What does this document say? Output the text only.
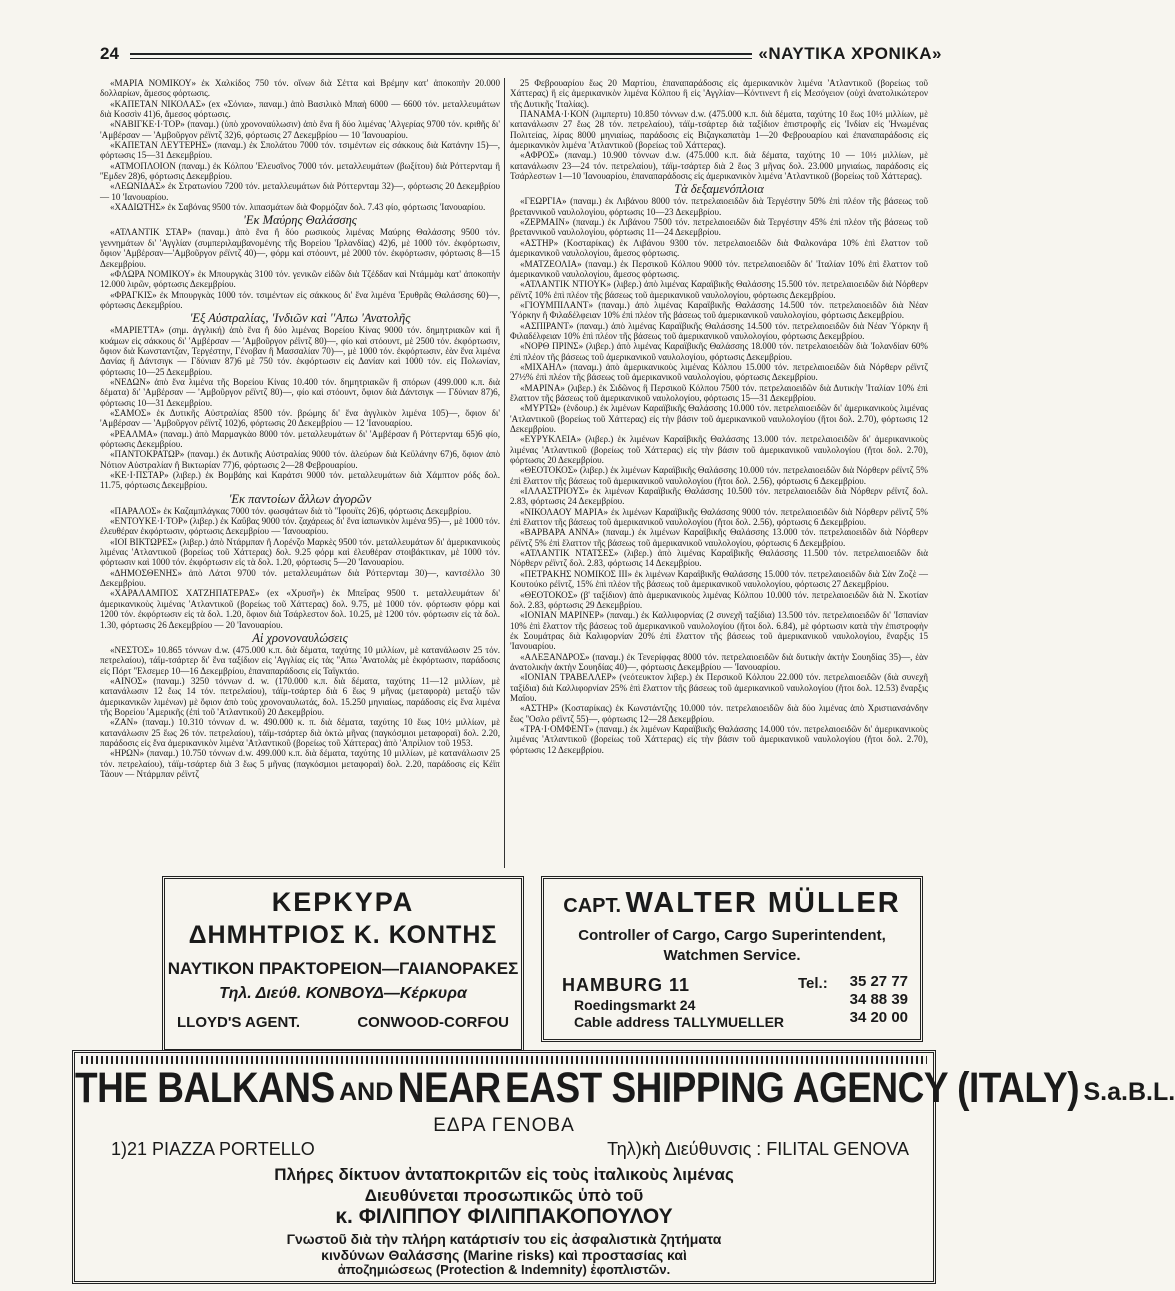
24	«ΝΑΥΤΙΚΑ ΧΡΟΝΙΚΑ»

«ΜΑΡΙΑ ΝΟΜΙΚΟΥ» ἐκ Χαλκίδος 750 τόν. οἴνων διὰ Σέττα καὶ Βρέμην κατ' ἀποκοπὴν 20.000 δολλαρίων, ἄμεσος φόρτωσις.

«ΚΑΠΕΤΑΝ ΝΙΚΟΛΑΣ» (ex «Σόνια», παναμ.) ἀπὸ Βασιλικὸ Μπαὴ 6000 — 6600 τόν. μεταλλευμάτων διὰ Κοσσὶν 41)6, ἄμεσος φόρτωσις.

«ΝΑΒΙΓΚΕ·Ι·ΤΟΡ» (παναμ.) (ὑπὸ χρονοναύλωσιν) ἀπὸ ἕνα ἢ δύο λιμένας 'Αλγερίας 9700 τόν. κριθῆς δι' 'Αμβέρσαν — 'Αμβοῦργον ρέϊντζ 32)6, φόρτωσις 27 Δεκεμβρίου — 10 'Ιανουαρίου.

«ΚΑΠΕΤΑΝ ΛΕΥΤΕΡΗΣ» (παναμ.) ἐκ Σπολάτου 7000 τόν. τσιμέντων εἰς σάκκους διὰ Κατάνην 15)—, φόρτωσις 15—31 Δεκεμβρίου.

«ΑΤΜΟΠΛΟΙΟΝ (παναμ.) ἐκ Κόλπου 'Ελευσῖνος 7000 τόν. μεταλλευμάτων (βωξίτου) διὰ Ρόττερνταμ ἢ ''Εμδεν 28)6, φόρτωσις Δεκεμβρίου.

«ΛΕΩΝΙΔΑΣ» ἐκ Στρατωνίου 7200 τόν. μεταλλευμάτων διὰ Ρόττερνταμ 32)—, φόρτωσις 20 Δεκεμβρίου — 10 'Ιανουαρίου.

«ΧΑΔΙΩΤΗΣ» ἐκ Σαβόνας 9500 τόν. λιπασμάτων διὰ Φορμόζαν δολ. 7.43 φίο, φόρτωσις 'Ιανουαρίου.

'Εκ Μαύρης Θαλάσσης

«ΑΤΛΑΝΤΙΚ ΣΤΑΡ» (παναμ.) ἀπὸ ἕνα ἢ δύο ρωσικοὺς λιμένας Μαύρης Θαλάσσης 9500 τόν. γεννημάτων δι' 'Αγγλίαν (συμπεριλαμβανομένης τῆς Βορείου 'Ιρλανδίας) 42)6, μὲ 1000 τόν. ἐκφόρτωσιν, ὄφιον 'Αμβέρσαν—'Αμβοῦργον ρέϊντζ 40)—, φόρμ καὶ στόουντ, μὲ 2000 τόν. ἐκφόρτωσιν, φόρτωσις 8—15 Δεκεμβρίου.

«ΦΛΩΡΑ ΝΟΜΙΚΟΥ» ἐκ Μπουργκὰς 3100 τόν. γενικῶν εἰδῶν διὰ Τζέδδαν καὶ Ντάμμὰμ κατ' ἀποκοπὴν 12.000 λιρῶν, φόρτωσις Δεκεμβρίου.

«ΦΡΑΓΚΙΣ» ἐκ Μπουργκὰς 1000 τόν. τσιμέντων εἰς σάκκους δι' ἕνα λιμένα 'Ερυθρᾶς Θαλάσσης 60)—, φόρτωσις Δεκεμβρίου.

'Εξ Αὐστραλίας, 'Ινδιῶν καὶ ''Απω 'Ανατολῆς

«ΜΑΡΙΕΤΤΑ» (σημ. ἀγγλική) ἀπὸ ἕνα ἢ δύο λιμένας Βορείου Κίνας 9000 τόν. δημητριακῶν καὶ ἢ κυάμων εἰς σάκκους δι' 'Αμβέρσαν — 'Αμβοῦργον ρέϊντζ 80)—, φίο καὶ στόουντ, μὲ 2500 τόν. ἐκφόρτωσιν, ὄφιον διὰ Κωνσταντζαν, Τεργέστην, Γένοβαν ἢ Μασσαλίαν 70)—, μὲ 1000 τόν. ἐκφόρτωσιν, ἐὰν ἕνα λιμένα Δανίας ἢ Δάντσιγκ — Γδύνιαν 87)6 μὲ 750 τόν. ἐκφόρτωσιν εἰς Δανίαν καὶ 1000 τόν. εἰς Πολωνίαν, φόρτωσις 10—25 Δεκεμβρίου.

«ΝΕΔΩΝ» ἀπὸ ἕνα λιμένα τῆς Βορείου Κίνας 10.400 τόν. δημητριακῶν ἢ σπόρων (499.000 κ.π. διὰ δέματα) δι' 'Αμβέρσαν — 'Αμβοῦργον ρέϊντζ 80)—, φίο καὶ στόουντ, ὄφιον διὰ Δάντσιγκ — Γδύνιαν 87)6, φόρτωσις 10—31 Δεκεμβρίου.

«ΣΑΜΟΣ» ἐκ Δυτικῆς Αὐστραλίας 8500 τόν. βρώμης δι' ἕνα ἀγγλικὸν λιμένα 105)—, ὄφιον δι' 'Αμβέρσαν — 'Αμβοῦργον ρέϊντζ 102)6, φόρτωσις 20 Δεκεμβρίου — 12 'Ιανουαρίου.

«ΡΕΑΛΜΑ» (παναμ.) ἀπὸ Μαρμαγκὰο 8000 τόν. μεταλλευμάτων δι' 'Αμβέρσαν ἢ Ρόττερνταμ 65)6 φίο, φόρτωσις Δεκεμβρίου.

«ΠΑΝΤΟΚΡΑΤΩΡ» (παναμ.) ἐκ Δυτικῆς Αὐστραλίας 9000 τόν. ἀλεύρων διὰ Κεϋλάνην 67)6, ὄφιον ἀπὸ Νότιον Αὐστραλίαν ἢ Βικτωρίαν 77)6, φόρτωσις 2—28 Φεβρουαρίου.

«ΚΕ·Ι·ΠΣΤΑΡ» (λιβερ.) ἐκ Βομβάης καὶ Καράτσι 9000 τόν. μεταλλευμάτων διὰ Χάμπτον ρόδς δολ. 11.75, φόρτωσις Δεκεμβρίου.

'Εκ παντοίων ἄλλων ἀγορῶν

«ΠΑΡΑΛΟΣ» ἐκ Καζαμπλάγκας 7000 τόν. φωσφάτων διὰ τὸ ''Ιφουϊτς 26)6, φόρτωσις Δεκεμβρίου.

«ΕΝΤΟΥΚΕ·Ι·ΤΟΡ» (λιβερ.) ἐκ Καΰβας 9000 τόν. ζαχάρεως δι' ἕνα ἰαπωνικὸν λιμένα 95)—, μὲ 1000 τόν. ἐλευθέραν ἐκφόρτωσιν, φόρτωσις Δεκεμβρίου — 'Ιανουαρίου.

«ΙΟΙ ΒΙΚΤΩΡΕΣ» (λιβερ.) ἀπὸ Ντάρμπαν ἢ Λορένζο Μαρκὲς 9500 τόν. μεταλλευμάτων δι' ἀμερικανικοὺς λιμένας 'Ατλαντικοῦ (βορείως τοῦ Χάττερας) δολ. 9.25 φόρμ καὶ ἐλευθέραν στοιβάκτικαν, μὲ 1000 τόν. φόρτωσιν καὶ 1000 τόν. ἐκφόρτωσιν εἰς τὰ δολ. 1.20, φόρτωσις 5—20 'Ιανουαρίου.

«ΔΗΜΟΣΘΕΝΗΣ» ἀπὸ Λάτσι 9700 τόν. μεταλλευμάτων διὰ Ρόττερνταμ 30)—, καντσέλλο 30 Δεκεμβρίου.

«ΧΑΡΑΛΑΜΠΟΣ ΧΑΤΖΗΠΑΤΕΡΑΣ» (ex «Χρυσῆ») ἐκ Μπεΐρας 9500 τ. μεταλλευμάτων δι' ἀμερικανικοὺς λιμένας 'Ατλαντικοῦ (βορείως τοῦ Χάττερας) δολ. 9.75, μὲ 1000 τόν. φόρτωσιν φόρμ καὶ 1200 τόν. ἐκφόρτωσιν εἰς τὰ δολ. 1.20, ὄφιον διὰ Τσάρλεστον δολ. 10.25, μὲ 1200 τόν. φόρτωσιν εἰς τὰ δολ. 1.30, φόρτωσις 26 Δεκεμβρίου — 20 'Ιανουαρίου.

Αἱ χρονοναυλώσεις

«ΝΕΣΤΟΣ» 10.865 τόννων d.w. (475.000 κ.π. διὰ δέματα, ταχύτης 10 μιλλίων, μὲ κατανάλωσιν 25 τόν. πετρελαίου), τάϊμ-τσάρτερ δι' ἕνα ταξίδιον εἰς 'Αγγλίας εἰς τὰς ''Απω 'Ανατολὰς μὲ ἐκφόρτωσιν, παράδοσις εἰς Πόρτ ''Ελσεμερ 10—16 Δεκεμβρίου, ἐπαναπαράδοσις εἰς Ταϊγκτάο.

«ΑΙΝΟΣ» (παναμ.) 3250 τόννων d. w. (170.000 κ.π. διὰ δέματα, ταχύτης 11—12 μιλλίων, μὲ κατανάλωσιν 12 ἕως 14 τόν. πετρελαίου), τάϊμ-τσάρτερ διὰ 6 ἕως 9 μῆνας (μεταφορὰ) μεταξὺ τῶν ἀμερικανικῶν λιμένων) μὲ ὄφιον ἀπὸ τοὺς χρονοναυλωτάς, δολ. 15.250 μηνιαίως, παράδοσις εἰς ἕνα λιμένα τῆς Βορείου 'Αμερικῆς (ἐπὶ τοῦ 'Ατλαντικοῦ) 20 Δεκεμβρίου.

«ΖΑΝ» (παναμ.) 10.310 τόννων d. w. 490.000 κ. π. διὰ δέματα, ταχύτης 10 ἕως 10½ μιλλίων, μὲ κατανάλωσιν 25 ἕως 26 τόν. πετρελαίου), τάϊμ-τσάρτερ διὰ ὀκτὼ μῆνας (παγκόσμιοι μεταφοραὶ) δολ. 2.20, παράδοσις εἰς ἕνα ἀμερικανικὸν λιμένα 'Ατλαντικοῦ (βορείως τοῦ Χάττερας) ἀπὸ 'Απρίλιον τοῦ 1953.

«ΗΡΩΝ» (παναμ.) 10.750 τόννων d.w. 499.000 κ.π. διὰ δέματα, ταχύτης 10 μιλλίων, μὲ κατανάλωσιν 25 τόν. πετρελαίου), τάϊμ-τσάρτερ διὰ 3 ἕως 5 μῆνας (παγκόσμιοι μεταφοραὶ) δολ. 2.20, παράδοσις εἰς Κέϊπ Τάουν — Ντάρμπαν ρέϊντζ

25 Φεβρουαρίου ἕως 20 Μαρτίου, ἐπαναπαράδοσις εἰς ἀμερικανικὸν λιμένα 'Ατλαντικοῦ (βορείως τοῦ Χάττερας) ἢ εἰς ἀμερικανικὸν λιμένα Κόλπου ἢ εἰς 'Αγγλίαν—Κόντινεντ ἢ εἰς Μεσόγειον (οὐχὶ ἀνατολικώτερον τῆς Δυτικῆς 'Ιταλίας).

ΠΑΝΑΜΑ·Ι·ΚΟΝ (λιμπερτυ) 10.850 τόννων d.w. (475.000 κ.π. διὰ δέματα, ταχύτης 10 ἕως 10½ μιλλίων, μὲ κατανάλωσιν 27 ἕως 28 τόν. πετρελαίου), τάϊμ-τσάρτερ διὰ ταξίδιον ἐπιστροφῆς εἰς 'Ινδίαν εἰς 'Ηνωμένας Πολιτείας, λίρας 8000 μηνιαίως, παράδοσις εἰς Βιζαγκαπατὰμ 1—20 Φεβρουαρίου καὶ ἐπαναπαράδοσις εἰς ἀμερικανικὸν λιμένα 'Ατλαντικοῦ (βορείως τοῦ Χάττερας).

«ΑΦΡΟΣ» (παναμ.) 10.900 τόννων d.w. (475.000 κ.π. διὰ δέματα, ταχύτης 10 — 10½ μιλλίων, μὲ κατανάλωσιν 23—24 τόν. πετρελαίου), τάϊμ-τσάρτερ διὰ 2 ἕως 3 μῆνας δολ. 23.000 μηνιαίως, παράδοσις εἰς Τσάρλεστων 1—10 'Ιανουαρίου, ἐπαναπαράδοσις εἰς ἀμερικανικὸν λιμένα 'Ατλαντικοῦ (βορείως τοῦ Χάττερας).

Τὰ δεξαμενόπλοια

«ΓΕΩΡΓΙΑ» (παναμ.) ἐκ Λιβάνου 8000 τόν. πετρελαιοειδῶν διὰ Τεργέστην 50% ἐπὶ πλέον τῆς βάσεως τοῦ βρεταννικοῦ ναυλολογίου, φόρτωσις 10—23 Δεκεμβρίου.

«ΖΕΡΜΑΙΝ» (παναμ.) ἐκ Λιβάνου 7500 τόν. πετρελαιοειδῶν διὰ Τεργέστην 45% ἐπὶ πλέον τῆς βάσεως τοῦ βρεταννικοῦ ναυλολογίου, φόρτωσις 11—24 Δεκεμβρίου.

«ΑΣΤΗΡ» (Κοσταρίκας) ἐκ Λιβάνου 9300 τόν. πετρελαιοειδῶν διὰ Φαλκονάρα 10% ἐπὶ ἔλαττον τοῦ ἀμερικανικοῦ ναυλολογίου, ἄμεσος φόρτωσις.

«ΜΑΤΖΕΟΛΙΑ» (παναμ.) ἐκ Περσικοῦ Κόλπου 9000 τόν. πετρελαιοειδῶν δι' 'Ιταλίαν 10% ἐπὶ ἔλαττον τοῦ ἀμερικανικοῦ ναυλολογίου, ἄμεσος φόρτωσις.

«ΑΤΛΑΝΤΙΚ ΝΤΙΟΥΚ» (λιβερ.) ἀπὸ λιμένας Καραϊβικῆς Θαλάσσης 15.500 τόν. πετρελαιοειδῶν διὰ Νόρθερν ρέϊντζ 10% ἐπὶ πλέον τῆς βάσεως τοῦ ἀμερικανικοῦ ναυλολογίου, φόρτωσις Δεκεμβρίου.

«ΓΙΟΥΜΠΙΛΑΝΤ» (παναμ.) ἀπὸ λιμένας Καραϊβικῆς Θαλάσσης 14.500 τόν. πετρελαιοειδῶν διὰ Νέαν Ὑόρκην ἢ Φιλαδέλφειαν 10% ἐπὶ πλέον τῆς βάσεως τοῦ ἀμερικανικοῦ ναυλολογίου, φόρτωσις Δεκεμβρίου.

«ΑΣΠΙΡΑΝΤ» (παναμ.) ἀπὸ λιμένας Καραϊβικῆς Θαλάσσης 14.500 τόν. πετρελαιοειδῶν διὰ Νέαν Ὑόρκην ἢ Φιλαδέλφειαν 10% ἐπὶ πλέον τῆς βάσεως τοῦ ἀμερικανικοῦ ναυλολογίου, φόρτωσις Δεκεμβρίου.

«ΝΟΡΘ ΠΡΙΝΣ» (λιβερ.) ἀπὸ λιμένας Καραϊβικῆς Θαλάσσης 18.000 τόν. πετρελαιοειδῶν διὰ 'Ιολανδίαν 60% ἐπὶ πλέον τῆς βάσεως τοῦ ἀμερικανικοῦ ναυλολογίου, φόρτωσις Δεκεμβρίου.

«ΜΙΧΑΗΛ» (παναμ.) ἀπὸ ἀμερικανικοὺς λιμένας Κόλπου 15.000 τόν. πετρελαιοειδῶν διὰ Νόρθερν ρέϊντζ 27½% ἐπὶ πλέον τῆς βάσεως τοῦ ἀμερικανικοῦ ναυλολογίου, φόρτωσις Δεκεμβρίου.

«ΜΑΡΙΝΑ» (λιβερ.) ἐκ Σιδῶνος ἢ Περσικοῦ Κόλπου 7500 τόν. πετρελαιοειδῶν διὰ Δυτικὴν 'Ιταλίαν 10% ἐπὶ ἔλαττον τῆς βάσεως τοῦ ἀμερικανικοῦ ναυλολογίου, φόρτωσις 15—31 Δεκεμβρίου.

«ΜΥΡΤΩ» (ἑνδουρ.) ἐκ λιμένων Καραϊβικῆς Θαλάσσης 10.000 τόν. πετρελαιοειδῶν δι' ἀμερικανικοὺς λιμένας 'Ατλαντικοῦ (βορείως τοῦ Χάττερας) εἰς τὴν βάσιν τοῦ ἀμερικανικοῦ ναυλολογίου (ἤτοι δολ. 2.70), φόρτωσις 12 Δεκεμβρίου.

«ΕΥΡΥΚΛΕΙΑ» (λιβερ.) ἐκ λιμένων Καραϊβικῆς Θαλάσσης 13.000 τόν. πετρελαιοειδῶν δι' ἀμερικανικοὺς λιμένας 'Ατλαντικοῦ (βορείως τοῦ Χάττερας) εἰς τὴν βάσιν τοῦ ἀμερικανικοῦ ναυλολογίου (ἤτοι δολ. 2.70), φόρτωσις 20 Δεκεμβρίου.

«ΘΕΟΤΟΚΟΣ» (λιβερ.) ἐκ λιμένων Καραϊβικῆς Θαλάσσης 10.000 τόν. πετρελαιοειδῶν διὰ Νόρθερν ρέϊντζ 5% ἐπὶ ἔλαττον τῆς βάσεως τοῦ ἀμερικανικοῦ ναυλολογίου (ἤτοι δολ. 2.56), φόρτωσις 6 Δεκεμβρίου.

«ΙΛΛΑΣΤΡΙΟΥΣ» ἐκ λιμένων Καραϊβικῆς Θαλάσσης 10.500 τόν. πετρελαιοειδῶν διὰ Νόρθερν ρέϊντζ δολ. 2.83, φόρτωσις 24 Δεκεμβρίου.

«ΝΙΚΟΛΑΟΥ ΜΑΡΙΑ» ἐκ λιμένων Καραϊβικῆς Θαλάσσης 9000 τόν. πετρελαιοειδῶν διὰ Νόρθερν ρέϊντζ 5% ἐπὶ ἔλαττον τῆς βάσεως τοῦ ἀμερικανικοῦ ναυλολογίου (ἤτοι δολ. 2.56), φόρτωσις 6 Δεκεμβρίου.

«ΒΑΡΒΑΡΑ ΑΝΝΑ» (παναμ.) ἐκ λιμένων Καραϊβικῆς Θαλάσσης 13.000 τόν. πετρελαιοειδῶν διὰ Νόρθερν ρέϊντζ 5% ἐπὶ ἔλαττον τῆς βάσεως τοῦ ἀμερικανικοῦ ναυλολογίου, φόρτωσις 6 Δεκεμβρίου.

«ΑΤΛΑΝΤΙΚ ΝΤΑΤΣΕΣ» (λιβερ.) ἀπὸ λιμένας Καραϊβικῆς Θαλάσσης 11.500 τόν. πετρελαιοειδῶν διὰ Νόρθερν ρέϊντζ δολ. 2.83, φόρτωσις 14 Δεκεμβρίου.

«ΠΕΤΡΑΚΗΣ ΝΟΜΙΚΟΣ ΙΙΙ» ἐκ λιμένων Καραϊβικῆς Θαλάσσης 15.000 τόν. πετρελαιοειδῶν διὰ Σὰν Ζοζὲ — Κουτούκο ρέϊντζ, 15% ἐπὶ πλέον τῆς βάσεως τοῦ ἀμερικανικοῦ ναυλολογίου, φόρτωσις 27 Δεκεμβρίου.

«ΘΕΟΤΟΚΟΣ» (β' ταξίδιον) ἀπὸ ἀμερικανικοὺς λιμένας Κόλπου 10.000 τόν. πετρελαιοειδῶν διὰ Ν. Σκοτίαν δολ. 2.83, φόρτωσις 29 Δεκεμβρίου.

«ΙΟΝΙΑΝ ΜΑΡΙΝΕΡ» (παναμ.) ἐκ Καλλιφορνίας (2 συνεχῆ ταξίδια) 13.500 τόν. πετρελαιοειδῶν δι' 'Ισπανίαν 10% ἐπὶ ἔλαττον τῆς βάσεως τοῦ ἀμερικανικοῦ ναυλολογίου (ἤτοι δολ. 6.84), μὲ φόρτωσιν κατὰ τὴν ἐπιστροφὴν ἐκ Σουμάτρας διὰ Καλιφορνίαν 20% ἐπὶ ἔλαττον τῆς βάσεως τοῦ ἀμερικανικοῦ ναυλολογίου, ἔναρξις 15 'Ιανουαρίου.

«ΑΛΕΞΑΝΔΡΟΣ» (παναμ.) ἐκ Τενερίφφας 8000 τόν. πετρελαιοειδῶν διὰ δυτικὴν ἀκτὴν Σουηδίας 35)—, ἐὰν ἀνατολικὴν ἀκτὴν Σουηδίας 40)—, φόρτωσις Δεκεμβρίου — 'Ιανουαρίου.

«ΙΟΝΙΑΝ ΤΡΑΒΕΛΛΕΡ» (νεότευκτον λιβερ.) ἐκ Περσικοῦ Κόλπου 22.000 τόν. πετρελαιοειδῶν (διὰ συνεχῆ ταξίδια) διὰ Καλλιφορνίαν 25% ἐπὶ ἔλαττον τῆς βάσεως τοῦ ἀμερικανικοῦ ναυλολογίου (ἤτοι δολ. 12.53) ἔναρξις Μαΐου.

«ΑΣΤΗΡ» (Κοσταρίκας) ἐκ Κωνστάντζης 10.000 τόν. πετρελαιοειδῶν διὰ δύο λιμένας ἀπὸ Χριστιανσάνδην ἕως ''Οσλο ρέϊντζ 55)—, φόρτωσις 12—28 Δεκεμβρίου.

«ΤΡΑ·Ι·ΟΜΦΕΝΤ» (παναμ.) ἐκ λιμένων Καραϊβικῆς Θαλάσσης 14.000 τόν. πετρελαιοειδῶν δι' ἀμερικανικοὺς λιμένας 'Ατλαντικοῦ (βορείως τοῦ Χάττερας) εἰς τὴν βάσιν τοῦ ἀμερικανικοῦ ναυλολογίου (ἤτοι δολ. 2.70), φόρτωσις 12 Δεκεμβρίου.

ΚΕΡΚΥΡΑ
ΔΗΜΗΤΡΙΟΣ Κ. ΚΟΝΤΗΣ
ΝΑΥΤΙΚΟΝ ΠΡΑΚΤΟΡΕΙΟΝ—ΓΑΙΑΝΟΡΑΚΕΣ
Τηλ. Διεύθ. ΚΟΝΒΟΥΔ—Κέρκυρα
LLOYD'S AGENT.	CONWOOD-CORFOU
CAPT. WALTER MÜLLER
Controller of Cargo, Cargo Superintendent,
Watchmen Service.
HAMBURG 11	Tel.: 35 27 77
34 88 39
34 20 00
Roedingsmarkt 24
Cable address TALLYMUELLER
THE BALKANS AND NEAR EAST SHIPPING AGENCY (ITALY) S.a.B.L.
ΕΔΡΑ ΓΕΝΟΒΑ
1)21 PIAZZA PORTELLO	Τηλ)κὴ Διεύθυνσις : FILITAL GENOVA
Πλήρες δίκτυον ἀνταποκριτῶν εἰς τοὺς ἰταλικοὺς λιμένας
Διευθύνεται προσωπικῶς ὑπὸ τοῦ
κ. ΦΙΛΙΠΠΟΥ ΦΙΛΙΠΠΑΚΟΠΟΥΛΟΥ
Γνωστοῦ διὰ τὴν πλήρη κατάρτισίν του εἰς ἀσφαλιστικὰ ζητήματα
κινδύνων Θαλάσσης (Marine risks) καὶ προστασίας καὶ
ἀποζημιώσεως (Protection & Indemnity) ἐφοπλιστῶν.
